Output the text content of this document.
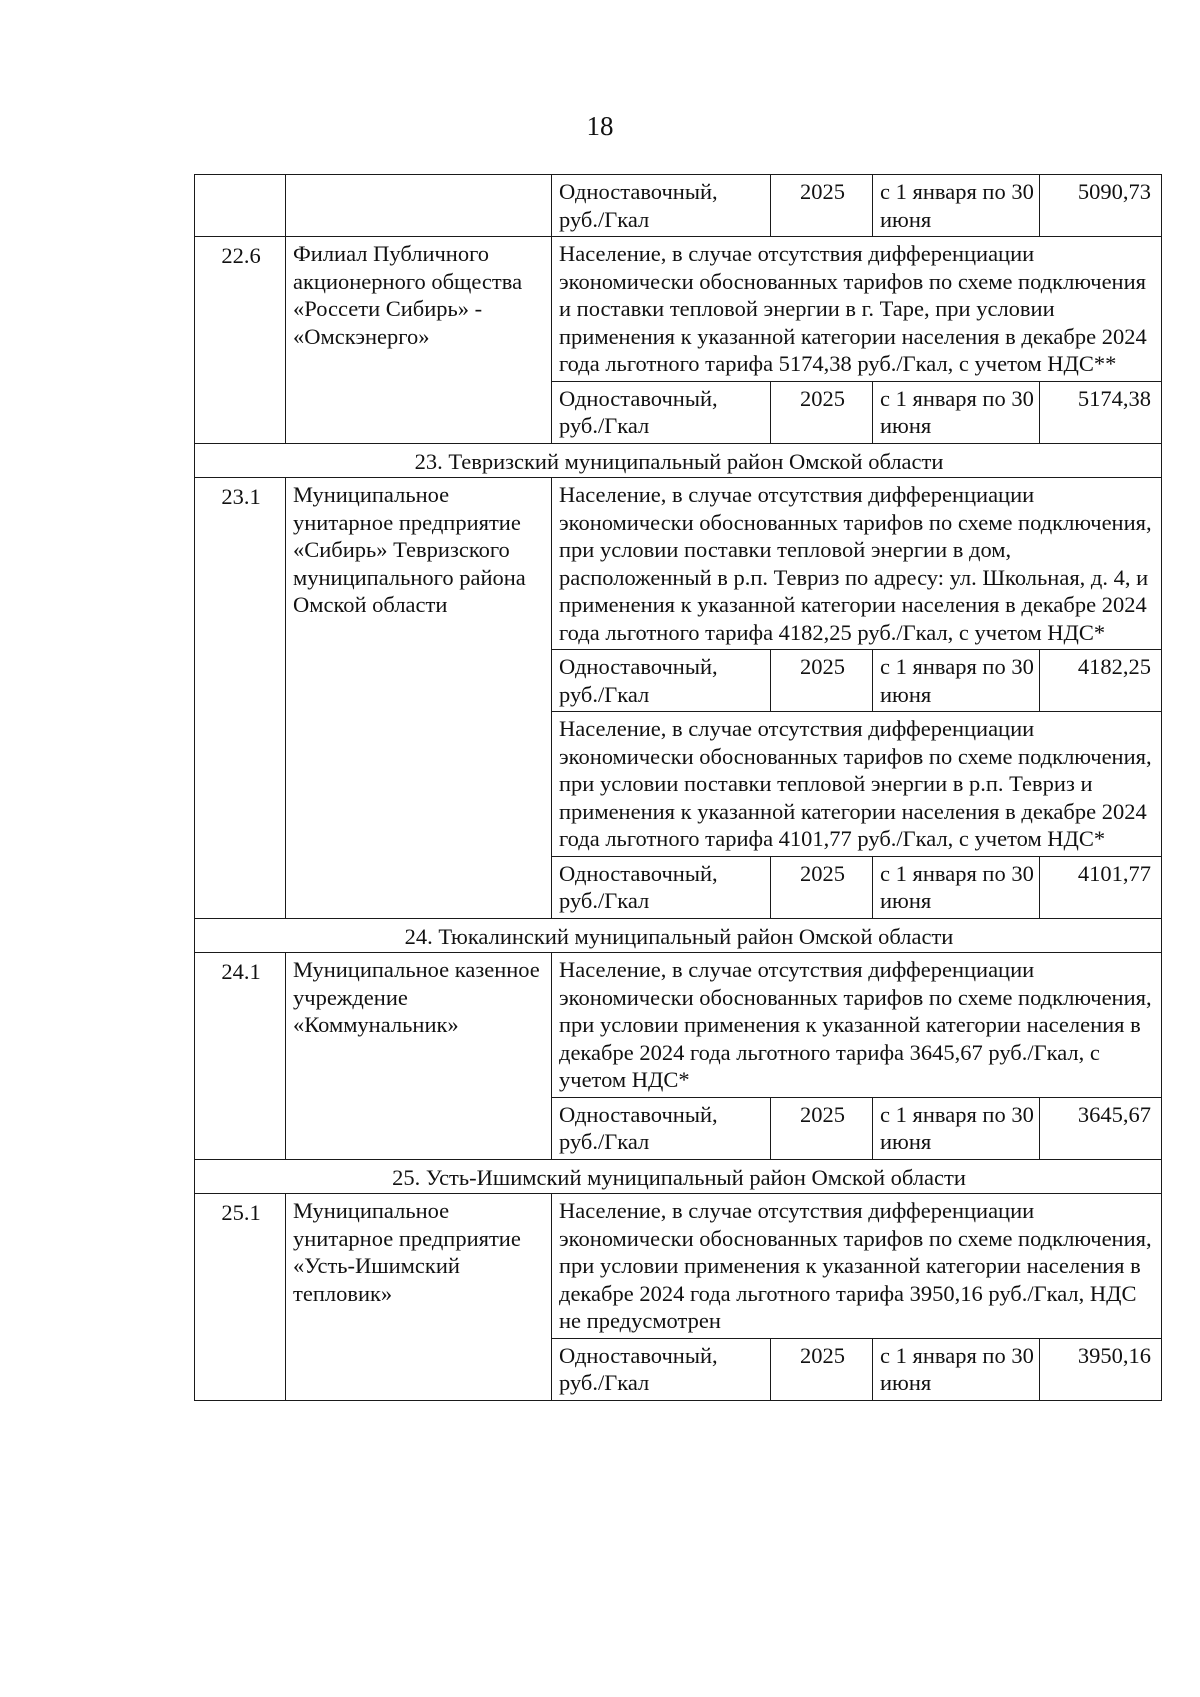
18
		Одноставочный, руб./Гкал	2025	с 1 января по 30 июня	5090,73
22.6	Филиал Публичного акционерного общества «Россети Сибирь» - «Омскэнерго»	Население, в случае отсутствия дифференциации экономически обоснованных тарифов по схеме подключения и поставки тепловой энергии в г. Таре, при условии применения к указанной категории населения в декабре 2024 года льготного тарифа 5174,38 руб./Гкал, с учетом НДС**			
		Одноставочный, руб./Гкал	2025	с 1 января по 30 июня	5174,38
23. Тевризский муниципальный район Омской области					
23.1	Муниципальное унитарное предприятие «Сибирь» Тевризского муниципального района Омской области	Население, в случае отсутствия дифференциации экономически обоснованных тарифов по схеме подключения, при условии поставки тепловой энергии в дом, расположенный в р.п. Тевриз по адресу: ул. Школьная, д. 4, и применения к указанной категории населения в декабре 2024 года льготного тарифа 4182,25 руб./Гкал, с учетом НДС*			
		Одноставочный, руб./Гкал	2025	с 1 января по 30 июня	4182,25
		Население, в случае отсутствия дифференциации экономически обоснованных тарифов по схеме подключения, при условии поставки тепловой энергии в р.п. Тевриз и применения к указанной категории населения в декабре 2024 года льготного тарифа 4101,77 руб./Гкал, с учетом НДС*			
		Одноставочный, руб./Гкал	2025	с 1 января по 30 июня	4101,77
24. Тюкалинский муниципальный район Омской области					
24.1	Муниципальное казенное учреждение «Коммунальник»	Население, в случае отсутствия дифференциации экономически обоснованных тарифов по схеме подключения, при условии применения к указанной категории населения в декабре 2024 года льготного тарифа 3645,67 руб./Гкал, с учетом НДС*			
		Одноставочный, руб./Гкал	2025	с 1 января по 30 июня	3645,67
25. Усть-Ишимский муниципальный район Омской области					
25.1	Муниципальное унитарное предприятие «Усть-Ишимский тепловик»	Население, в случае отсутствия дифференциации экономически обоснованных тарифов по схеме подключения, при условии применения к указанной категории населения в декабре 2024 года льготного тарифа 3950,16 руб./Гкал, НДС не предусмотрен			
		Одноставочный, руб./Гкал	2025	с 1 января по 30 июня	3950,16
